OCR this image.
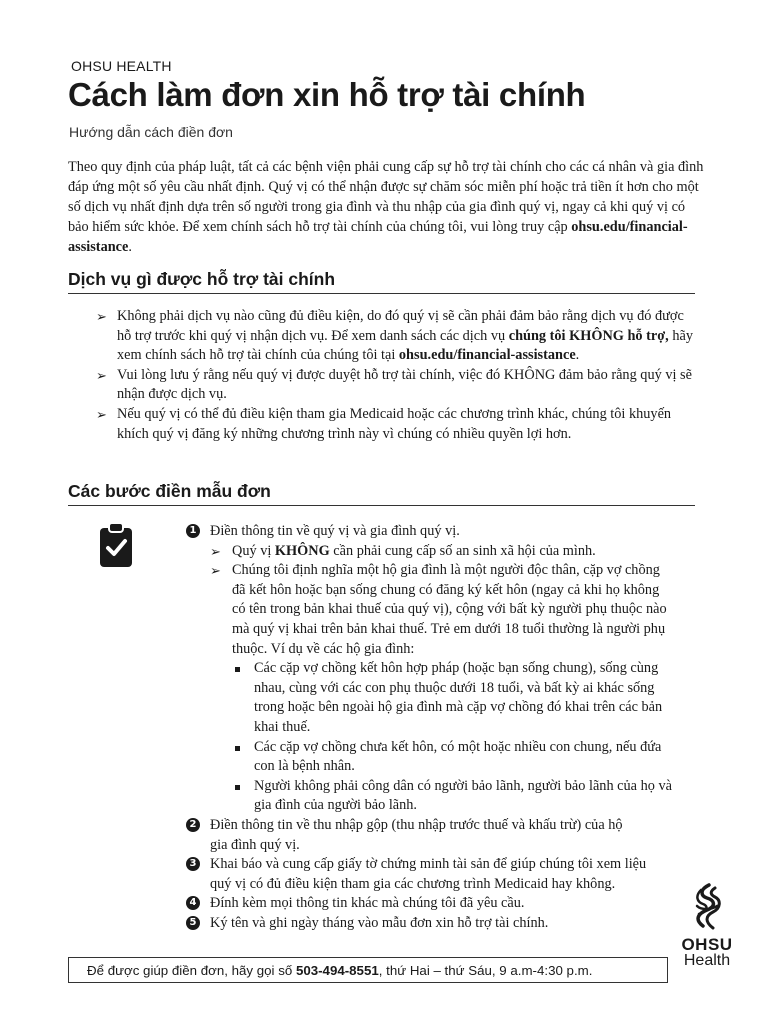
OHSU HEALTH
Cách làm đơn xin hỗ trợ tài chính
Hướng dẫn cách điền đơn

Theo quy định của pháp luật, tất cả các bệnh viện phải cung cấp sự hỗ trợ tài chính cho các cá nhân và gia đình đáp ứng một số yêu cầu nhất định. Quý vị có thể nhận được sự chăm sóc miễn phí hoặc trả tiền ít hơn cho một số dịch vụ nhất định dựa trên số người trong gia đình và thu nhập của gia đình quý vị, ngay cả khi quý vị có bảo hiểm sức khỏe. Để xem chính sách hỗ trợ tài chính của chúng tôi, vui lòng truy cập ohsu.edu/financial-assistance.

Dịch vụ gì được hỗ trợ tài chính
➢ Không phải dịch vụ nào cũng đủ điều kiện, do đó quý vị sẽ cần phải đảm bảo rằng dịch vụ đó được hỗ trợ trước khi quý vị nhận dịch vụ. Để xem danh sách các dịch vụ chúng tôi KHÔNG hỗ trợ, hãy xem chính sách hỗ trợ tài chính của chúng tôi tại ohsu.edu/financial-assistance.
➢ Vui lòng lưu ý rằng nếu quý vị được duyệt hỗ trợ tài chính, việc đó KHÔNG đảm bảo rằng quý vị sẽ nhận được dịch vụ.
➢ Nếu quý vị có thể đủ điều kiện tham gia Medicaid hoặc các chương trình khác, chúng tôi khuyến khích quý vị đăng ký những chương trình này vì chúng có nhiều quyền lợi hơn.
Các bước điền mẫu đơn
1 Điền thông tin về quý vị và gia đình quý vị.
➢ Quý vị KHÔNG cần phải cung cấp số an sinh xã hội của mình.
➢ Chúng tôi định nghĩa một hộ gia đình là một người độc thân, cặp vợ chồng đã kết hôn hoặc bạn sống chung có đăng ký kết hôn (ngay cả khi họ không có tên trong bản khai thuế của quý vị), cộng với bất kỳ người phụ thuộc nào mà quý vị khai trên bản khai thuế. Trẻ em dưới 18 tuổi thường là người phụ thuộc. Ví dụ về các hộ gia đình:
Các cặp vợ chồng kết hôn hợp pháp (hoặc bạn sống chung), sống cùng nhau, cùng với các con phụ thuộc dưới 18 tuổi, và bất kỳ ai khác sống trong hoặc bên ngoài hộ gia đình mà cặp vợ chồng đó khai trên các bản khai thuế.
Các cặp vợ chồng chưa kết hôn, có một hoặc nhiều con chung, nếu đứa con là bệnh nhân.
Người không phải công dân có người bảo lãnh, người bảo lãnh của họ và gia đình của người bảo lãnh.
2 Điền thông tin về thu nhập gộp (thu nhập trước thuế và khấu trừ) của hộ gia đình quý vị.
3 Khai báo và cung cấp giấy tờ chứng minh tài sản để giúp chúng tôi xem liệu quý vị có đủ điều kiện tham gia các chương trình Medicaid hay không.
4 Đính kèm mọi thông tin khác mà chúng tôi đã yêu cầu.
5 Ký tên và ghi ngày tháng vào mẫu đơn xin hỗ trợ tài chính.
Để được giúp điền đơn, hãy gọi số 503-494-8551, thứ Hai – thứ Sáu, 9 a.m-4:30 p.m.
OHSU
Health
